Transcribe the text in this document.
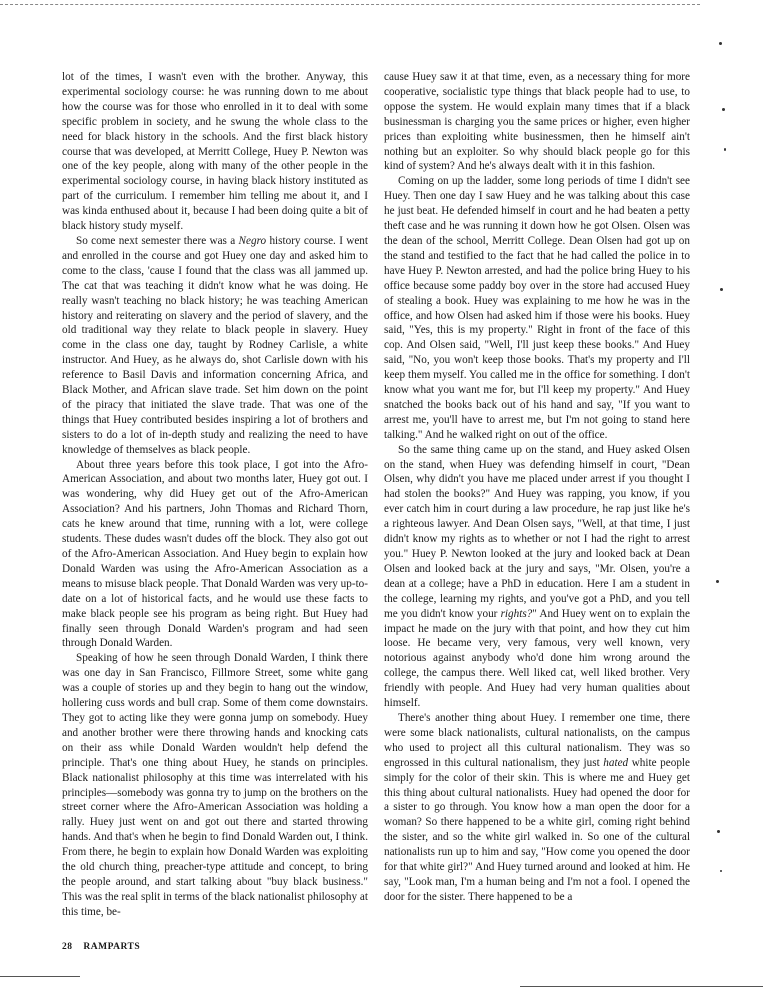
lot of the times, I wasn't even with the brother. Anyway, this experimental sociology course: he was running down to me about how the course was for those who enrolled in it to deal with some specific problem in society, and he swung the whole class to the need for black history in the schools. And the first black history course that was developed, at Merritt College, Huey P. Newton was one of the key people, along with many of the other people in the experimental sociology course, in having black history instituted as part of the curriculum. I remember him telling me about it, and I was kinda enthused about it, because I had been doing quite a bit of black history study myself.

So come next semester there was a Negro history course. I went and enrolled in the course and got Huey one day and asked him to come to the class, 'cause I found that the class was all jammed up. The cat that was teaching it didn't know what he was doing. He really wasn't teaching no black history; he was teaching American history and reiterating on slavery and the period of slavery, and the old traditional way they relate to black people in slavery. Huey come in the class one day, taught by Rodney Carlisle, a white instructor. And Huey, as he always do, shot Carlisle down with his reference to Basil Davis and information concerning Africa, and Black Mother, and African slave trade. Set him down on the point of the piracy that initiated the slave trade. That was one of the things that Huey contributed besides inspiring a lot of brothers and sisters to do a lot of in-depth study and realizing the need to have knowledge of themselves as black people.

About three years before this took place, I got into the Afro-American Association, and about two months later, Huey got out. I was wondering, why did Huey get out of the Afro-American Association? And his partners, John Thomas and Richard Thorn, cats he knew around that time, running with a lot, were college students. These dudes wasn't dudes off the block. They also got out of the Afro-American Association. And Huey begin to explain how Donald Warden was using the Afro-American Association as a means to misuse black people. That Donald Warden was very up-to-date on a lot of historical facts, and he would use these facts to make black people see his program as being right. But Huey had finally seen through Donald Warden's program and had seen through Donald Warden.

Speaking of how he seen through Donald Warden, I think there was one day in San Francisco, Fillmore Street, some white gang was a couple of stories up and they begin to hang out the window, hollering cuss words and bull crap. Some of them come downstairs. They got to acting like they were gonna jump on somebody. Huey and another brother were there throwing hands and knocking cats on their ass while Donald Warden wouldn't help defend the principle. That's one thing about Huey, he stands on principles. Black nationalist philosophy at this time was interrelated with his principles—somebody was gonna try to jump on the brothers on the street corner where the Afro-American Association was holding a rally. Huey just went on and got out there and started throwing hands. And that's when he begin to find Donald Warden out, I think. From there, he begin to explain how Donald Warden was exploiting the old church thing, preacher-type attitude and concept, to bring the people around, and start talking about "buy black business." This was the real split in terms of the black nationalist philosophy at this time, be-

cause Huey saw it at that time, even, as a necessary thing for more cooperative, socialistic type things that black people had to use, to oppose the system. He would explain many times that if a black businessman is charging you the same prices or higher, even higher prices than exploiting white businessmen, then he himself ain't nothing but an exploiter. So why should black people go for this kind of system? And he's always dealt with it in this fashion.

Coming on up the ladder, some long periods of time I didn't see Huey. Then one day I saw Huey and he was talking about this case he just beat. He defended himself in court and he had beaten a petty theft case and he was running it down how he got Olsen. Olsen was the dean of the school, Merritt College. Dean Olsen had got up on the stand and testified to the fact that he had called the police in to have Huey P. Newton arrested, and had the police bring Huey to his office because some paddy boy over in the store had accused Huey of stealing a book. Huey was explaining to me how he was in the office, and how Olsen had asked him if those were his books. Huey said, "Yes, this is my property." Right in front of the face of this cop. And Olsen said, "Well, I'll just keep these books." And Huey said, "No, you won't keep those books. That's my property and I'll keep them myself. You called me in the office for something. I don't know what you want me for, but I'll keep my property." And Huey snatched the books back out of his hand and say, "If you want to arrest me, you'll have to arrest me, but I'm not going to stand here talking." And he walked right on out of the office.

So the same thing came up on the stand, and Huey asked Olsen on the stand, when Huey was defending himself in court, "Dean Olsen, why didn't you have me placed under arrest if you thought I had stolen the books?" And Huey was rapping, you know, if you ever catch him in court during a law procedure, he rap just like he's a righteous lawyer. And Dean Olsen says, "Well, at that time, I just didn't know my rights as to whether or not I had the right to arrest you." Huey P. Newton looked at the jury and looked back at Dean Olsen and looked back at the jury and says, "Mr. Olsen, you're a dean at a college; have a PhD in education. Here I am a student in the college, learning my rights, and you've got a PhD, and you tell me you didn't know your rights?" And Huey went on to explain the impact he made on the jury with that point, and how they cut him loose. He became very, very famous, very well known, very notorious against anybody who'd done him wrong around the college, the campus there. Well liked cat, well liked brother. Very friendly with people. And Huey had very human qualities about himself.

There's another thing about Huey. I remember one time, there were some black nationalists, cultural nationalists, on the campus who used to project all this cultural nationalism. They was so engrossed in this cultural nationalism, they just hated white people simply for the color of their skin. This is where me and Huey get this thing about cultural nationalists. Huey had opened the door for a sister to go through. You know how a man open the door for a woman? So there happened to be a white girl, coming right behind the sister, and so the white girl walked in. So one of the cultural nationalists run up to him and say, "How come you opened the door for that white girl?" And Huey turned around and looked at him. He say, "Look man, I'm a human being and I'm not a fool. I opened the door for the sister. There happened to be a

28 RAMPARTS
